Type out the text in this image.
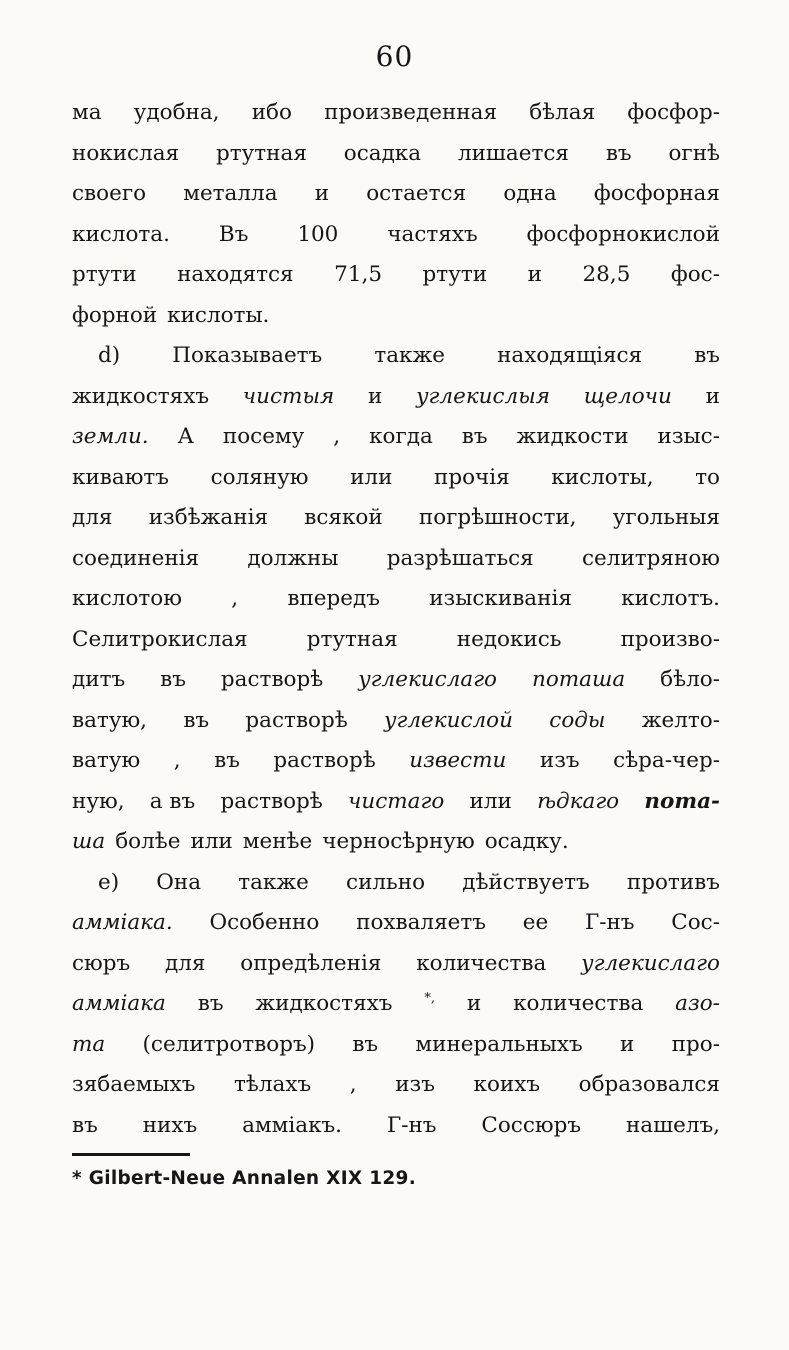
60
ма удобна, ибо произведенная бѣлая фосфор-
нокислая ртутная осадка лишается въ огнѣ
своего металла и остается одна фосфорная
кислота. Въ 100 частяхъ фосфорнокислой
ртути находятся 71,5 ртути и 28,5 фос-
форной кислоты.
d) Показываетъ также находящіяся въ
жидкостяхъ чистыя и углекислыя щелочи и
земли. А посему , когда въ жидкости изыс-
киваютъ соляную или прочія кислоты, то
для избѣжанія всякой погрѣшности, угольныя
соединенія должны разрѣшаться селитряною
кислотою , впередъ изыскиванія кислотъ.
Селитрокислая	ртутная	недокись	произво-
дитъ въ растворѣ углекислаго поташа бѣло-
ватую, въ растворѣ углекислой соды желто-
ватую , въ растворѣ извести изъ сѣра-чер-
ную, а въ растворѣ чистаго или ѣдкаго пота-
ша болѣе или менѣе черносѣрную осадку.
e) Она также сильно дѣйствуетъ противъ
аммiака. Особенно похваляетъ ее Г-нъ Сос-
сюръ для опредѣленія количества углекислаго
аммiака въ жидкостяхъ *, и количества азо-
та (селитротворъ) въ минеральныхъ и про-
зябаемыхъ тѣлахъ , изъ коихъ образовался
въ нихъ амміакъ. Г-нъ Соссюръ нашелъ,
* Gilbert-Neue Annalen XIX 129.
